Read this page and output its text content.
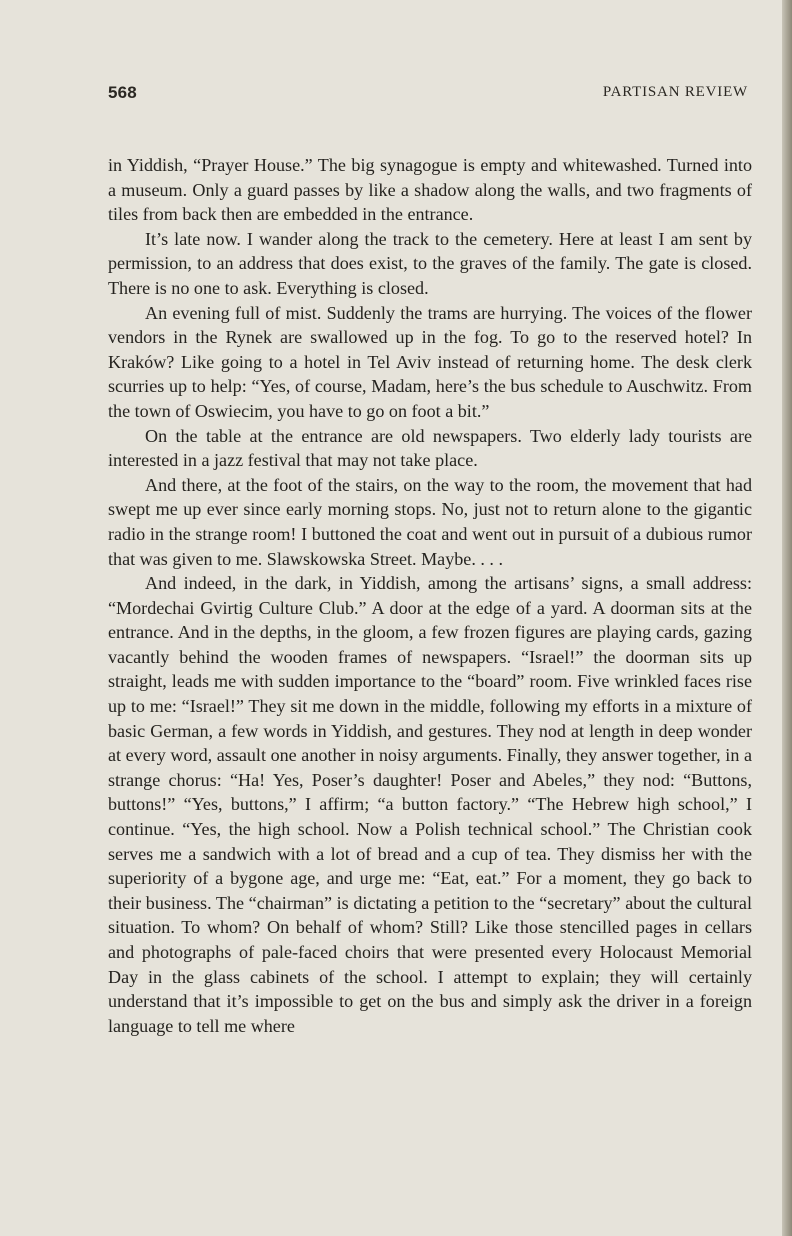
568	PARTISAN REVIEW

in Yiddish, “Prayer House.” The big synagogue is empty and whitewashed. Turned into a museum. Only a guard passes by like a shadow along the walls, and two fragments of tiles from back then are embedded in the entrance.

It’s late now. I wander along the track to the cemetery. Here at least I am sent by permission, to an address that does exist, to the graves of the family. The gate is closed. There is no one to ask. Everything is closed.

An evening full of mist. Suddenly the trams are hurrying. The voices of the flower vendors in the Rynek are swallowed up in the fog. To go to the reserved hotel? In Kraków? Like going to a hotel in Tel Aviv instead of returning home. The desk clerk scurries up to help: “Yes, of course, Madam, here’s the bus schedule to Auschwitz. From the town of Oswiecim, you have to go on foot a bit.”

On the table at the entrance are old newspapers. Two elderly lady tourists are interested in a jazz festival that may not take place.

And there, at the foot of the stairs, on the way to the room, the movement that had swept me up ever since early morning stops. No, just not to return alone to the gigantic radio in the strange room! I buttoned the coat and went out in pursuit of a dubious rumor that was given to me. Slawskowska Street. Maybe. . . .

And indeed, in the dark, in Yiddish, among the artisans’ signs, a small address: “Mordechai Gvirtig Culture Club.” A door at the edge of a yard. A doorman sits at the entrance. And in the depths, in the gloom, a few frozen figures are playing cards, gazing vacantly behind the wooden frames of newspapers. “Israel!” the doorman sits up straight, leads me with sudden importance to the “board” room. Five wrinkled faces rise up to me: “Israel!” They sit me down in the middle, following my efforts in a mixture of basic German, a few words in Yiddish, and gestures. They nod at length in deep wonder at every word, assault one another in noisy arguments. Finally, they answer together, in a strange chorus: “Ha! Yes, Poser’s daughter! Poser and Abeles,” they nod: “Buttons, buttons!” “Yes, buttons,” I affirm; “a button factory.” “The Hebrew high school,” I continue. “Yes, the high school. Now a Polish technical school.” The Christian cook serves me a sandwich with a lot of bread and a cup of tea. They dismiss her with the superiority of a bygone age, and urge me: “Eat, eat.” For a moment, they go back to their business. The “chairman” is dictating a petition to the “secretary” about the cultural situation. To whom? On behalf of whom? Still? Like those stencilled pages in cellars and photographs of pale-faced choirs that were presented every Holocaust Memorial Day in the glass cabinets of the school. I attempt to explain; they will certainly understand that it’s impossible to get on the bus and simply ask the driver in a foreign language to tell me where
